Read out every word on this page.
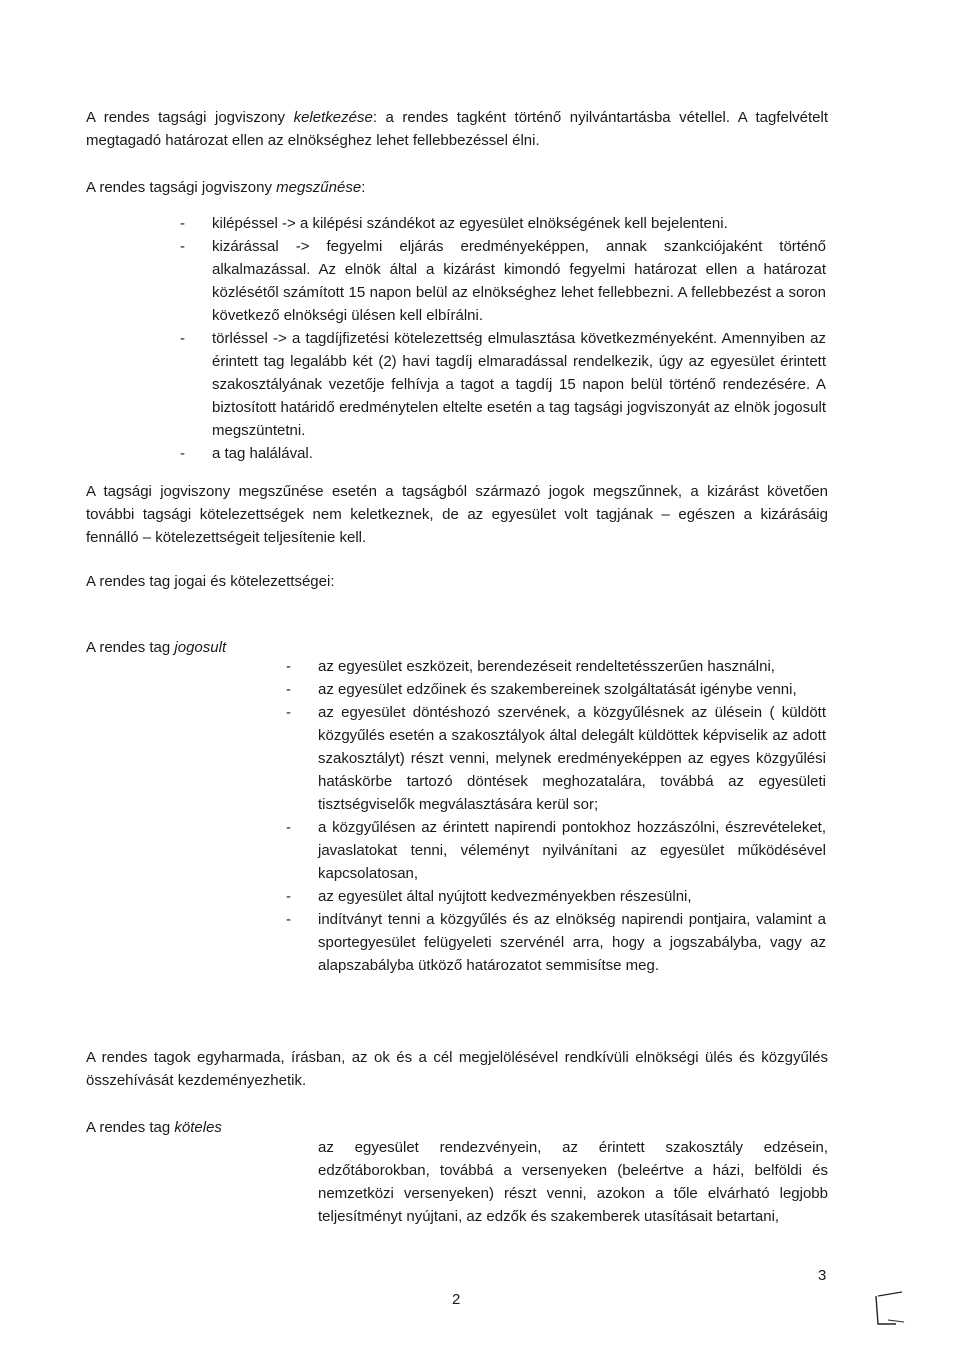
A rendes tagsági jogviszony keletkezése: a rendes tagként történő nyilvántartásba vétellel. A tagfelvételt megtagadó határozat ellen az elnökséghez lehet fellebbezéssel élni.

A rendes tagsági jogviszony megszűnése:

- kilépéssel -> a kilépési szándékot az egyesület elnökségének kell bejelenteni.
- kizárással -> fegyelmi eljárás eredményeképpen, annak szankciójaként történő alkalmazással. Az elnök által a kizárást kimondó fegyelmi határozat ellen a határozat közlésétől számított 15 napon belül az elnökséghez lehet fellebbezni. A fellebbezést a soron következő elnökségi ülésen kell elbírálni.
- törléssel -> a tagdíjfizetési kötelezettség elmulasztása következményeként. Amennyiben az érintett tag legalább két (2) havi tagdíj elmaradással rendelkezik, úgy az egyesület érintett szakosztályának vezetője felhívja a tagot a tagdíj 15 napon belül történő rendezésére. A biztosított határidő eredménytelen eltelte esetén a tag tagsági jogviszonyát az elnök jogosult megszüntetni.
- a tag halálával.

A tagsági jogviszony megszűnése esetén a tagságból származó jogok megszűnnek, a kizárást követően további tagsági kötelezettségek nem keletkeznek, de az egyesület volt tagjának – egészen a kizárásáig fennálló – kötelezettségeit teljesítenie kell.

A rendes tag jogai és kötelezettségei:

A rendes tag jogosult

- az egyesület eszközeit, berendezéseit rendeltetésszerűen használni,
- az egyesület edzőinek és szakembereinek szolgáltatását igénybe venni,
- az egyesület döntéshozó szervének, a közgyűlésnek az ülésein ( küldött közgyűlés esetén a szakosztályok által delegált küldöttek képviselik az adott szakosztályt) részt venni, melynek eredményeképpen az egyes közgyűlési hatáskörbe tartozó döntések meghozatalára, továbbá az egyesületi tisztségviselők megválasztására kerül sor;
- a közgyűlésen az érintett napirendi pontokhoz hozzászólni, észrevételeket, javaslatokat tenni, véleményt nyilvánítani az egyesület működésével kapcsolatosan,
- az egyesület által nyújtott kedvezményekben részesülni,
- indítványt tenni a közgyűlés és az elnökség napirendi pontjaira, valamint a sportegyesület felügyeleti szervénél arra, hogy a jogszabályba, vagy az alapszabályba ütköző határozatot semmisítse meg.

A rendes tagok egyharmada, írásban, az ok és a cél megjelölésével rendkívüli elnökségi ülés és közgyűlés összehívását kezdeményezhetik.

A rendes tag köteles

az egyesület rendezvényein, az érintett szakosztály edzésein, edzőtáborokban, továbbá a versenyeken (beleértve a házi, belföldi és nemzetközi versenyeken) részt venni, azokon a tőle elvárható legjobb teljesítményt nyújtani, az edzők és szakemberek utasításait betartani,

2

3
